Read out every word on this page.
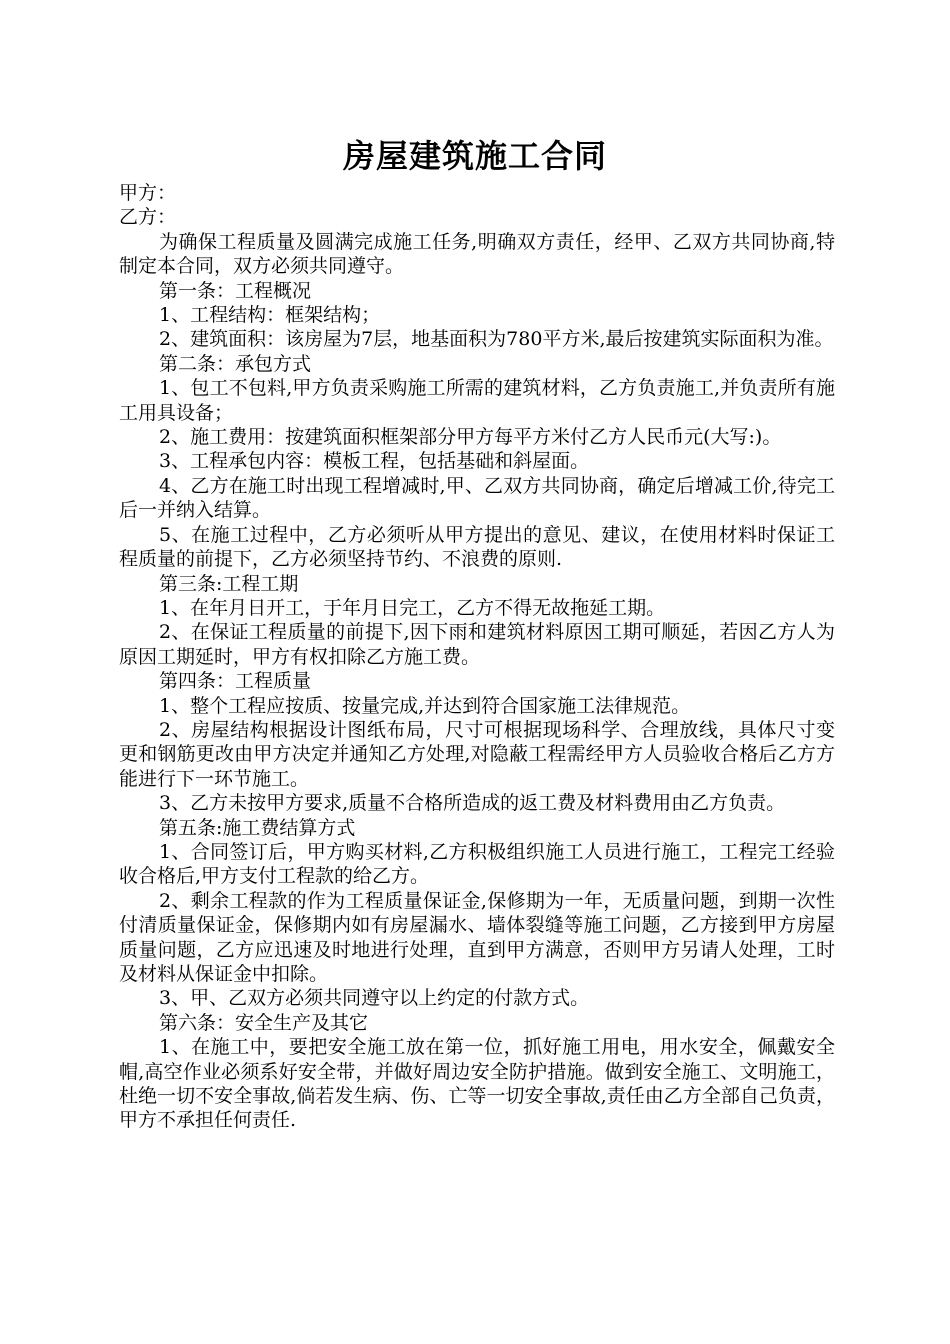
房屋建筑施工合同

甲方：

乙方：

为确保工程质量及圆满完成施工任务,明确双方责任，经甲、乙双方共同协商,特制定本合同，双方必须共同遵守。

第一条：工程概况

1、工程结构：框架结构；

2、建筑面积：该房屋为7层，地基面积为780平方米,最后按建筑实际面积为准。

第二条：承包方式

1、包工不包料,甲方负责采购施工所需的建筑材料，乙方负责施工,并负责所有施工用具设备；

2、施工费用：按建筑面积框架部分甲方每平方米付乙方人民币元(大写:)。

3、工程承包内容：模板工程，包括基础和斜屋面。

4、乙方在施工时出现工程增减时,甲、乙双方共同协商，确定后增减工价,待完工后一并纳入结算。

5、在施工过程中，乙方必须听从甲方提出的意见、建议，在使用材料时保证工程质量的前提下，乙方必须坚持节约、不浪费的原则.

第三条:工程工期

1、在年月日开工，于年月日完工，乙方不得无故拖延工期。

2、在保证工程质量的前提下,因下雨和建筑材料原因工期可顺延，若因乙方人为原因工期延时，甲方有权扣除乙方施工费。

第四条：工程质量

1、整个工程应按质、按量完成,并达到符合国家施工法律规范。

2、房屋结构根据设计图纸布局，尺寸可根据现场科学、合理放线，具体尺寸变更和钢筋更改由甲方决定并通知乙方处理,对隐蔽工程需经甲方人员验收合格后乙方方能进行下一环节施工。

3、乙方未按甲方要求,质量不合格所造成的返工费及材料费用由乙方负责。

第五条:施工费结算方式

1、合同签订后，甲方购买材料,乙方积极组织施工人员进行施工，工程完工经验收合格后,甲方支付工程款的给乙方。

2、剩余工程款的作为工程质量保证金,保修期为一年，无质量问题，到期一次性付清质量保证金，保修期内如有房屋漏水、墙体裂缝等施工问题，乙方接到甲方房屋质量问题，乙方应迅速及时地进行处理，直到甲方满意，否则甲方另请人处理，工时及材料从保证金中扣除。

3、甲、乙双方必须共同遵守以上约定的付款方式。

第六条：安全生产及其它

1、在施工中，要把安全施工放在第一位，抓好施工用电，用水安全，佩戴安全帽,高空作业必须系好安全带，并做好周边安全防护措施。做到安全施工、文明施工，杜绝一切不安全事故,倘若发生病、伤、亡等一切安全事故,责任由乙方全部自己负责，甲方不承担任何责任.
